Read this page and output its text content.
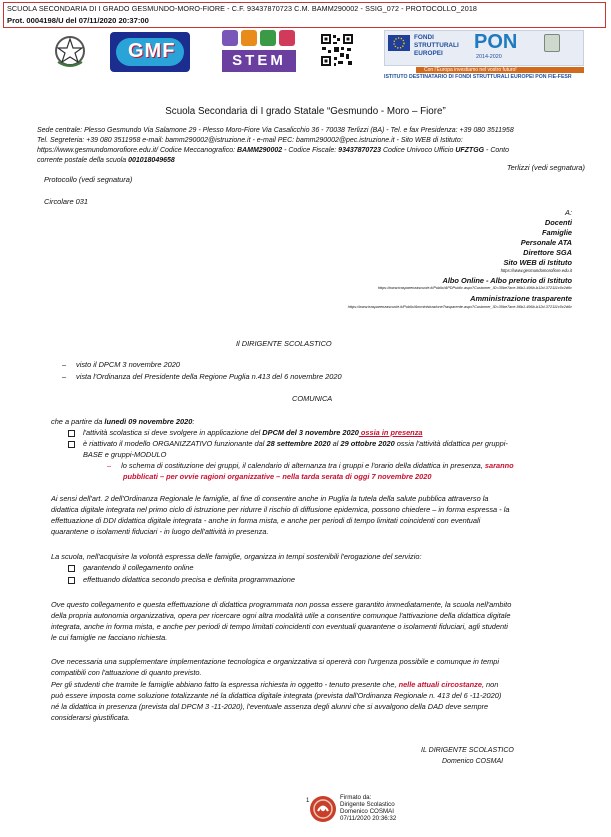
SCUOLA SECONDARIA DI I GRADO GESMUNDO-MORO-FIORE - C.F. 93437870723 C.M. BAMM290002 - SSIG_072 - PROTOCOLLO_2018
Prot. 0004198/U del 07/11/2020 20:37:00
GMF	STEM
FONDI STRUTTURALI EUROPEI
PON
2014-2020
Con l'Europa investiamo nel vostro futuro!
ISTITUTO DESTINATARIO DI FONDI STRUTTURALI EUROPEI PON FIE-FESR
Scuola Secondaria di I grado Statale “Gesmundo - Moro – Fiore”
Sede centrale: Plesso Gesmundo Via Salamone 29 - Plesso Moro-Fiore Via Casalicchio 36 - 70038 Terlizzi (BA) - Tel. e fax Presidenza: +39 080 3511958
Tel. Segreteria: +39 080 3511958 e-mail: bamm290002@istruzione.it - e-mail PEC: bamm290002@pec.istruzione.it - Sito WEB di Istituto:
https://www.gesmundomorofiore.edu.it/ Codice Meccanografico: BAMM290002 - Codice Fiscale: 93437870723 Codice Univoco Ufficio UFZTGG - Conto
corrente postale della scuola 001018049658
Terlizzi (vedi segnatura)
Protocollo (vedi segnatura)
Circolare 031
A:
Docenti
Famiglie
Personale ATA
Direttore SGA
Sito WEB di Istituto
https://www.gesmundomorofiore.edu.it
Albo Online - Albo pretorio di Istituto
https://www.trasparenzascuole.it/Public/APDPublic.aspx?Customer_ID=30be7ace-96b1-496b-b12d-372111c0c2d6c
Amministrazione trasparente
https://www.trasparenzascuole.it/Public/AmministrazioneTrasparente.aspx?Customer_ID=30be7ace-96b1-496b-b12d-372111c0c2d6c
Il DIRIGENTE SCOLASTICO
– visto il DPCM 3 novembre 2020
– vista l'Ordinanza del Presidente della Regione Puglia n.413 del 6 novembre 2020
COMUNICA
che a partire da lunedì 09 novembre 2020:
l'attività scolastica si deve svolgere in applicazione del DPCM del 3 novembre 2020 ossia in presenza
è riattivato il modello ORGANIZZATIVO funzionante dal 28 settembre 2020 al 29 ottobre 2020 ossia l'attività didattica per gruppi-
BASE e gruppi-MODULO
– lo schema di costituzione dei gruppi, il calendario di alternanza tra i gruppi e l'orario della didattica in presenza, saranno
pubblicati – per ovvie ragioni organizzative – nella tarda serata di oggi 7 novembre 2020
Ai sensi dell'art. 2 dell'Ordinanza Regionale le famiglie, al fine di consentire anche in Puglia la tutela della salute pubblica attraverso la
didattica digitale integrata nel primo ciclo di istruzione per ridurre il rischio di diffusione epidemica, possono chiedere – in forma espressa - la
effettuazione di DDI didattica digitale integrata - anche in forma mista, e anche per periodi di tempo limitati coincidenti con eventuali
quarantene o isolamenti fiduciari - in luogo dell'attività in presenza.
La scuola, nell'acquisire la volontà espressa delle famiglie, organizza in tempi sostenibili l'erogazione del servizio:
garantendo il collegamento online
effettuando didattica secondo precisa e definita programmazione
Ove questo collegamento e questa effettuazione di didattica programmata non possa essere garantito immediatamente, la scuola nell'ambito
della propria autonomia organizzativa, opera per ricercare ogni altra modalità utile a consentire comunque l'attivazione della didattica digitale
integrata, anche in forma mista, e anche per periodi di tempo limitati coincidenti con eventuali quarantene o isolamenti fiduciari, agli studenti
le cui famiglie ne facciano richiesta.
Ove necessaria una supplementare implementazione tecnologica e organizzativa si opererà con l'urgenza possibile e comunque in tempi
compatibili con l'attuazione di quanto previsto.
Per gli studenti che tramite le famiglie abbiano fatto la espressa richiesta in oggetto - tenuto presente che, nelle attuali circostanze, non
può essere imposta come soluzione totalizzante né la didattica digitale integrata (prevista dall'Ordinanza Regionale n. 413 del 6 -11-2020)
né la didattica in presenza (prevista dal DPCM 3 -11-2020), l'eventuale assenza degli alunni che si avvalgono della DAD deve sempre
considerarsi giustificata.
IL DIRIGENTE SCOLASTICO
Domenico COSMAI
1	Firmato da:
Dirigente Scolastico
Domenico COSMAI
07/11/2020 20:36:32
